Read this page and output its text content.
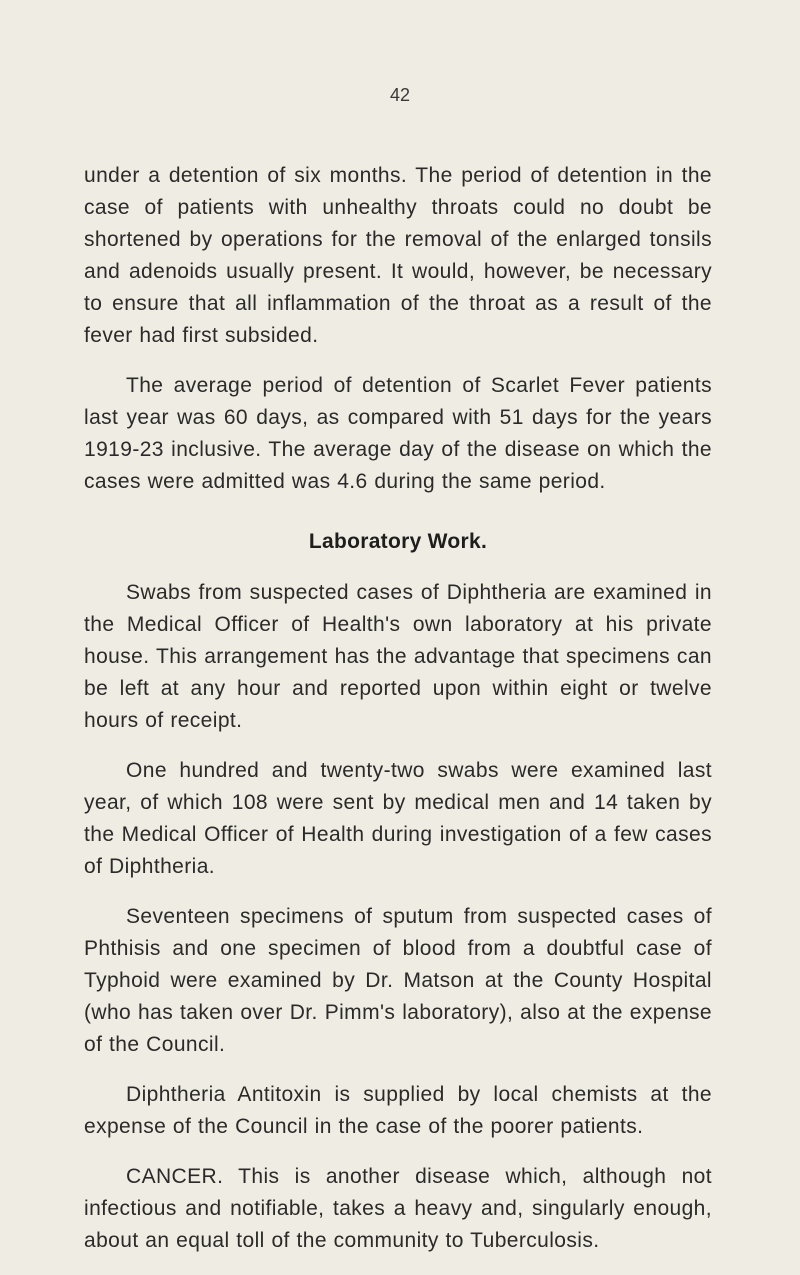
42

under a detention of six months. The period of detention in the case of patients with unhealthy throats could no doubt be shortened by operations for the removal of the enlarged tonsils and adenoids usually present. It would, however, be necessary to ensure that all inflammation of the throat as a result of the fever had first subsided.

The average period of detention of Scarlet Fever patients last year was 60 days, as compared with 51 days for the years 1919-23 inclusive. The average day of the disease on which the cases were admitted was 4.6 during the same period.

Laboratory Work.

Swabs from suspected cases of Diphtheria are examined in the Medical Officer of Health's own laboratory at his private house. This arrangement has the advantage that specimens can be left at any hour and reported upon within eight or twelve hours of receipt.

One hundred and twenty-two swabs were examined last year, of which 108 were sent by medical men and 14 taken by the Medical Officer of Health during investigation of a few cases of Diphtheria.

Seventeen specimens of sputum from suspected cases of Phthisis and one specimen of blood from a doubtful case of Typhoid were examined by Dr. Matson at the County Hospital (who has taken over Dr. Pimm's laboratory), also at the expense of the Council.

Diphtheria Antitoxin is supplied by local chemists at the expense of the Council in the case of the poorer patients.

CANCER. This is another disease which, although not infectious and notifiable, takes a heavy and, singularly enough, about an equal toll of the community to Tuberculosis.
